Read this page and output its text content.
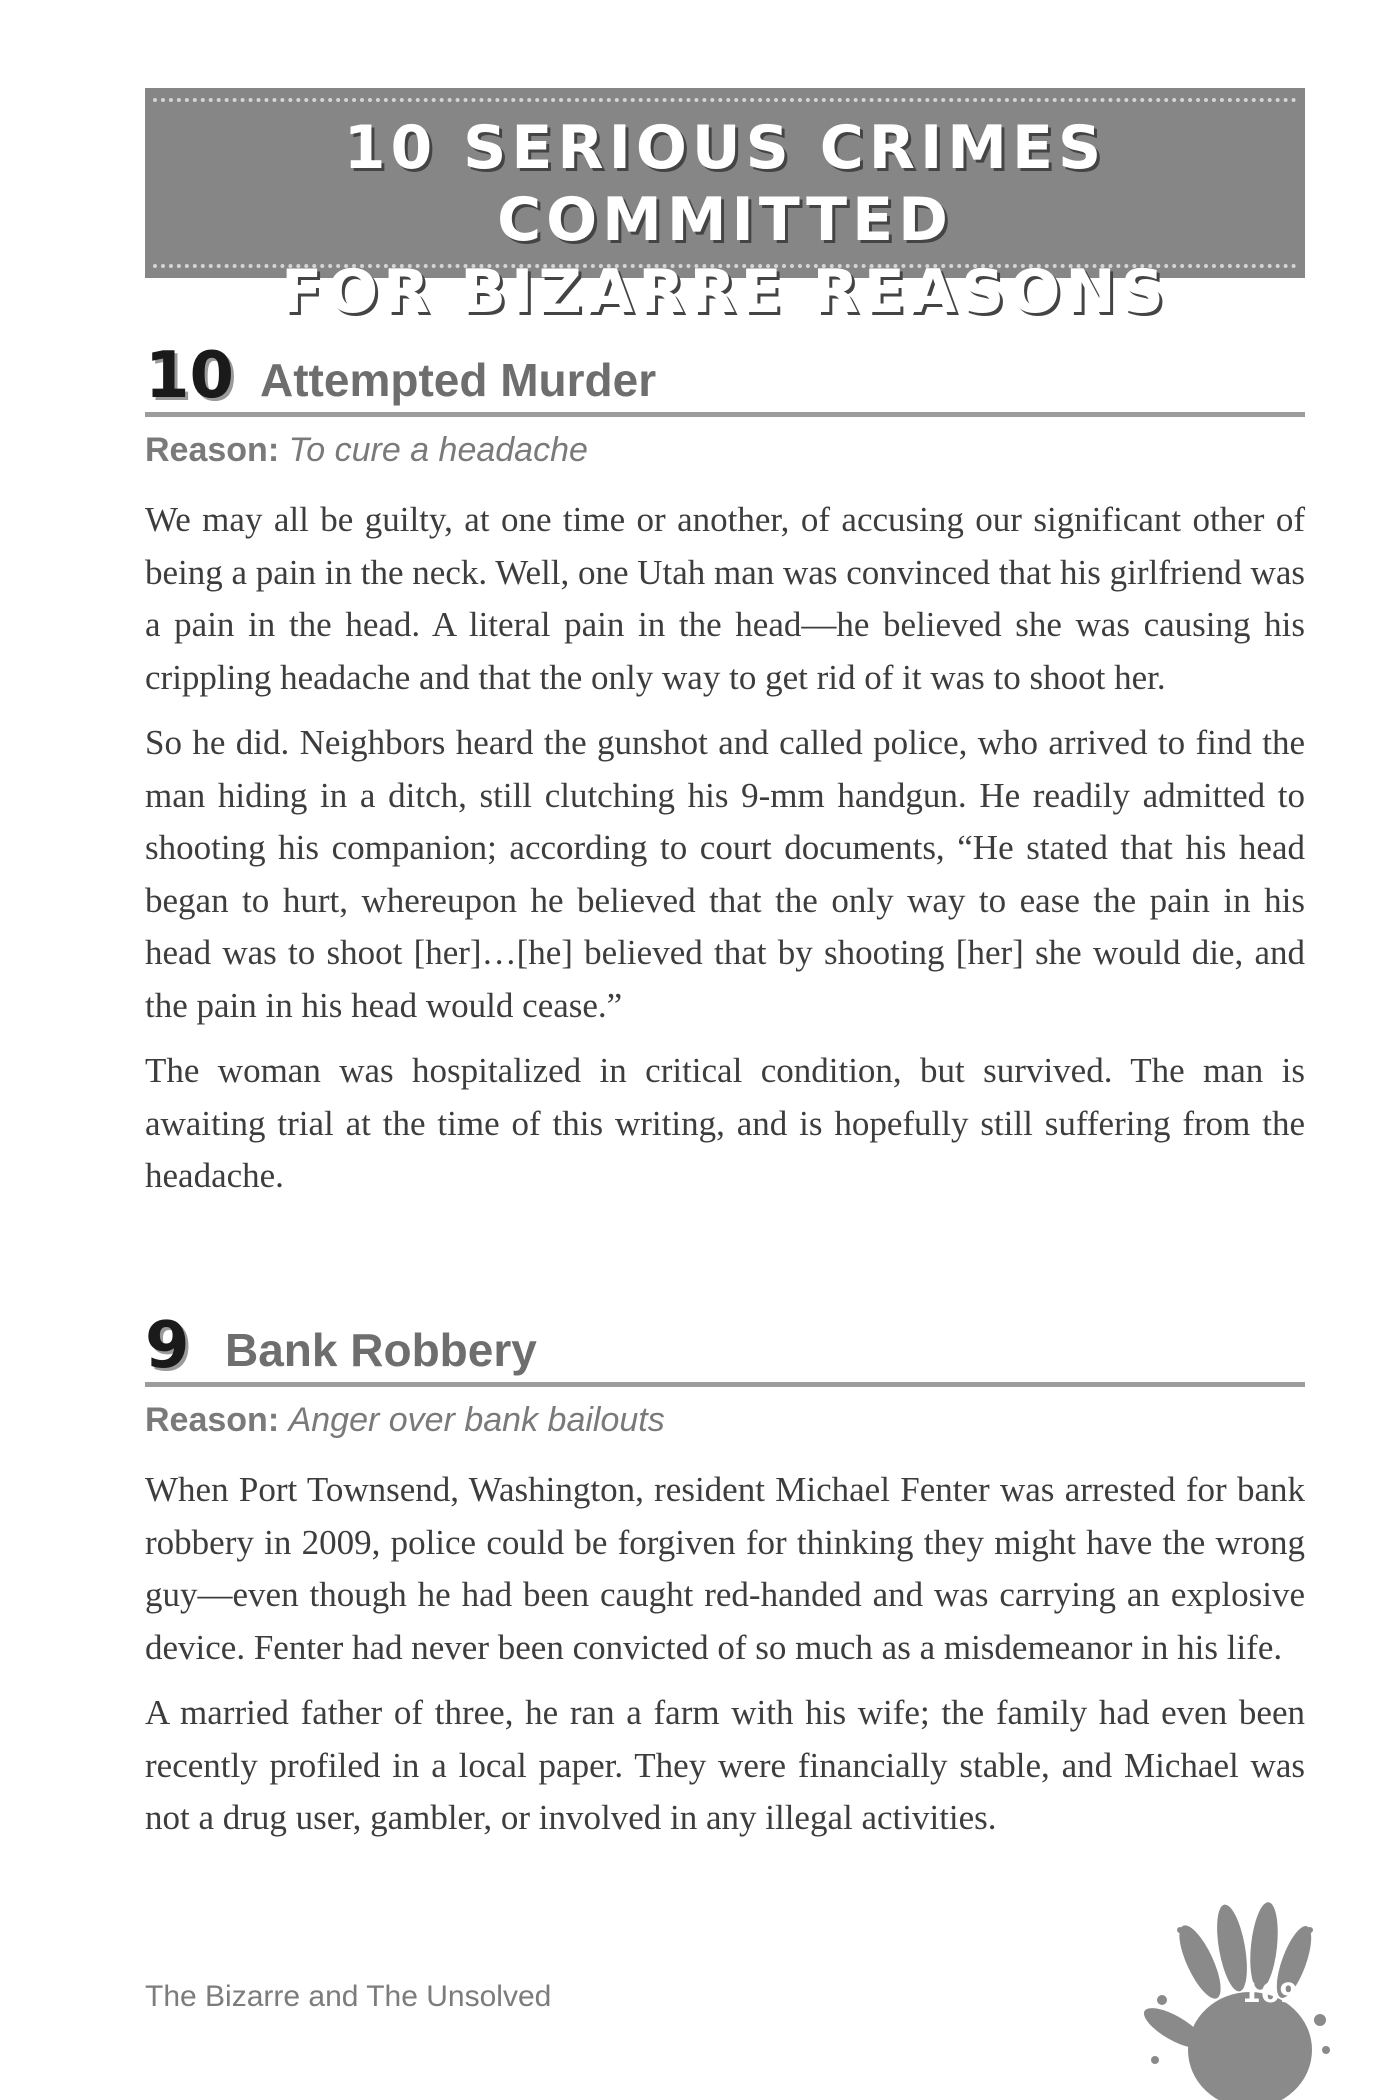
10 SERIOUS CRIMES COMMITTED
FOR BIZARRE REASONS
10 Attempted Murder
Reason: To cure a headache

We may all be guilty, at one time or another, of accusing our significant other of being a pain in the neck. Well, one Utah man was convinced that his girlfriend was a pain in the head. A literal pain in the head—he believed she was causing his crippling headache and that the only way to get rid of it was to shoot her.

So he did. Neighbors heard the gunshot and called police, who arrived to find the man hiding in a ditch, still clutching his 9-mm handgun. He readily admitted to shooting his companion; according to court documents, “He stated that his head began to hurt, whereupon he believed that the only way to ease the pain in his head was to shoot [her]…[he] believed that by shooting [her] she would die, and the pain in his head would cease.”

The woman was hospitalized in critical condition, but survived. The man is awaiting trial at the time of this writing, and is hopefully still suffering from the headache.

9 Bank Robbery
Reason: Anger over bank bailouts

When Port Townsend, Washington, resident Michael Fenter was arrested for bank robbery in 2009, police could be forgiven for thinking they might have the wrong guy—even though he had been caught red-handed and was carrying an explosive device. Fenter had never been convicted of so much as a misdemeanor in his life.

A married father of three, he ran a farm with his wife; the family had even been recently profiled in a local paper. They were financially stable, and Michael was not a drug user, gambler, or involved in any illegal activities.

The Bizarre and The Unsolved	169
